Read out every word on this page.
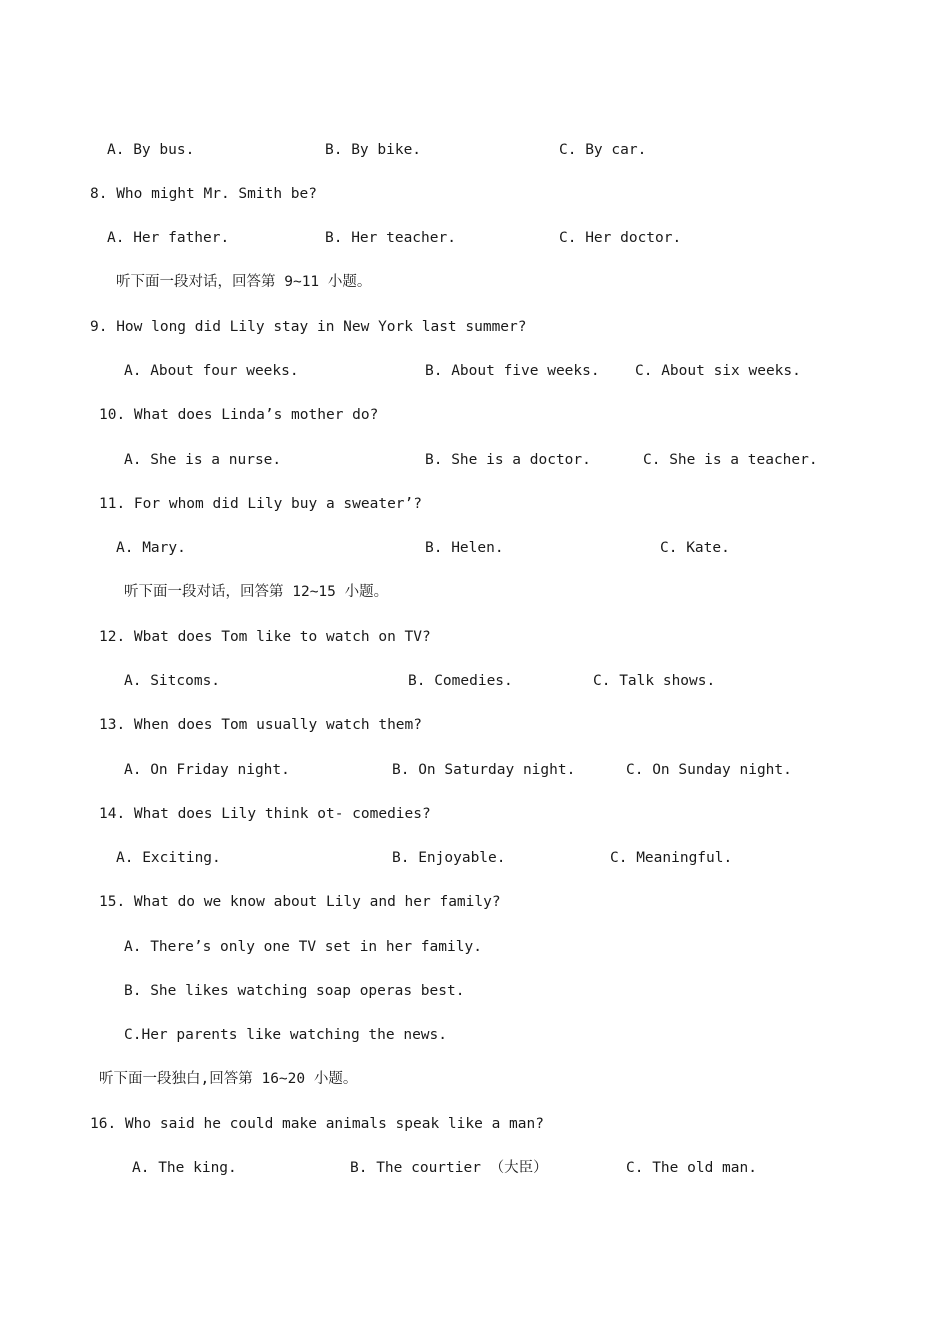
A. By bus.	B. By bike.	C. By car.
8. Who might Mr. Smith be?
A. Her father.	B. Her teacher.	C. Her doctor.
听下面一段对话，回答第 9~11 小题。
9. How long did Lily stay in New York last summer?
A. About four weeks.	B. About five weeks. C. About six weeks.
10. What does Linda’s mother do?
A. She is a nurse.	B. She is a doctor.	C. She is a teacher.
11. For whom did Lily buy a sweater’?
A. Mary.	B. Helen.	C. Kate.
听下面一段对话，回答第 12~15 小题。
12. Wbat does Tom like to watch on TV?
A. Sitcoms.	B. Comedies.	C. Talk shows.
13. When does Tom usually watch them?
A. On Friday night.	B. On Saturday night.	C. On Sunday night.
14. What does Lily think ot- comedies?
A. Exciting.	B. Enjoyable.	C. Meaningful.
15. What do we know about Lily and her family?
A. There’s only one TV set in her family.
B. She likes watching soap operas best.
C.Her parents like watching the news.
听下面一段独白,回答第 16~20 小题。
16. Who said he could make animals speak like a man?
A. The king.	B. The courtier （大臣）	C. The old man.
